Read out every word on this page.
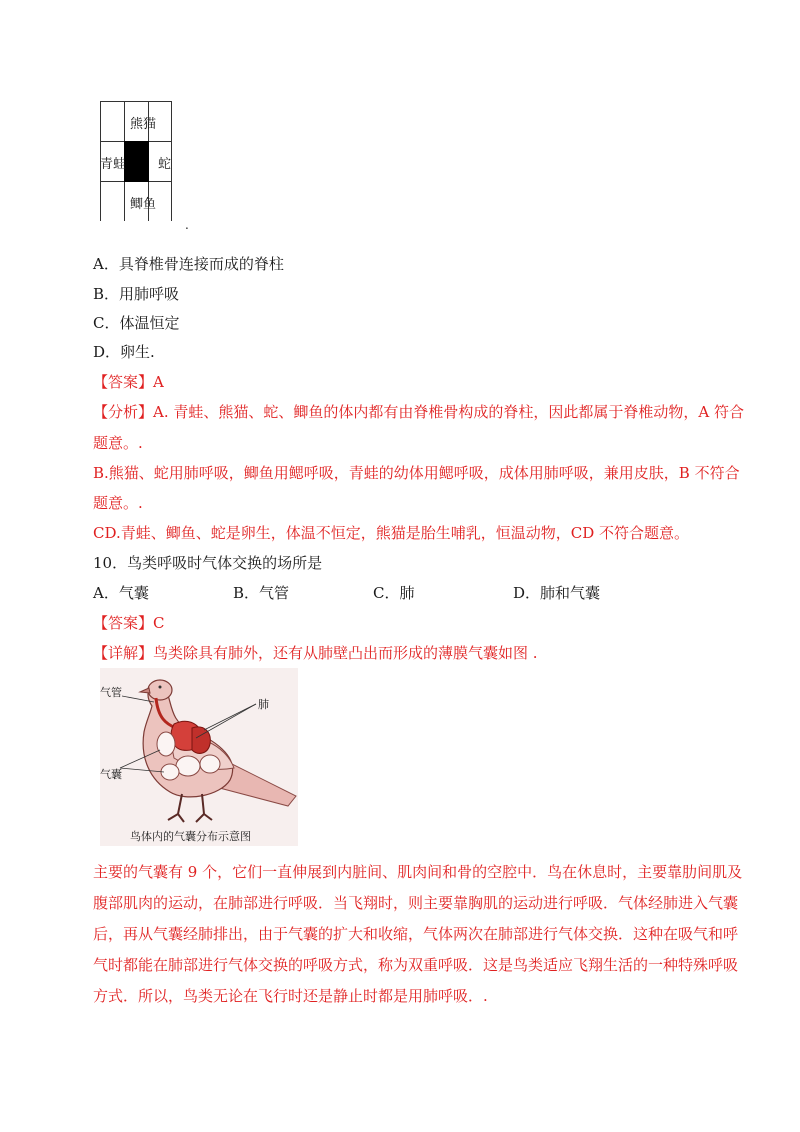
熊猫
青蛙 蛇
鲫鱼
.
A．具脊椎骨连接而成的脊柱
B．用肺呼吸
C．体温恒定
D．卵生.
【答案】A
【分析】A. 青蛙、熊猫、蛇、鲫鱼的体内都有由脊椎骨构成的脊柱，因此都属于脊椎动物，A 符合
题意。.
B.熊猫、蛇用肺呼吸，鲫鱼用鳃呼吸，青蛙的幼体用鳃呼吸，成体用肺呼吸，兼用皮肤，B 不符合
题意。.
CD.青蛙、鲫鱼、蛇是卵生，体温不恒定，熊猫是胎生哺乳，恒温动物，CD 不符合题意。
10．鸟类呼吸时气体交换的场所是
A．气囊	B．气管	C．肺	D．肺和气囊
【答案】C
【详解】鸟类除具有肺外，还有从肺壁凸出而形成的薄膜气囊如图 .
气管
肺
气囊
鸟体内的气囊分布示意图
主要的气囊有 9 个，它们一直伸展到内脏间、肌肉间和骨的空腔中．鸟在休息时，主要靠肋间肌及
腹部肌肉的运动，在肺部进行呼吸．当飞翔时，则主要靠胸肌的运动进行呼吸．气体经肺进入气囊
后，再从气囊经肺排出，由于气囊的扩大和收缩，气体两次在肺部进行气体交换．这种在吸气和呼
气时都能在肺部进行气体交换的呼吸方式，称为双重呼吸．这是鸟类适应飞翔生活的一种特殊呼吸
方式．所以，鸟类无论在飞行时还是静止时都是用肺呼吸．.
